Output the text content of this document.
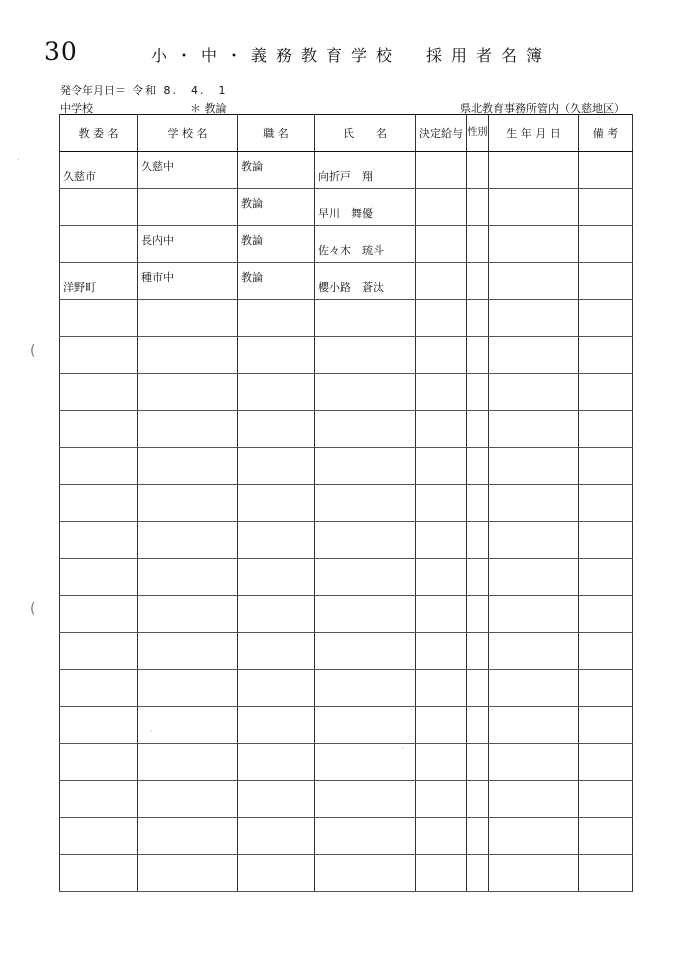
30	小・中・義務教育学校　採用者名簿
発令年月日＝ 令和 8.　4.　1
中学校	＊ 教論	県北教育事務所管内（久慈地区）
(
(
·
·
·
教 委 名	学 校 名	職 名	氏　　名	決定給与	性別	生 年 月 日	備 考

久慈市	久慈中	教論	向折戸　翔				

		教論	早川　舞優				

	長内中	教論	佐々木　琉斗				

洋野町	種市中	教論	櫻小路　蒼汰				
